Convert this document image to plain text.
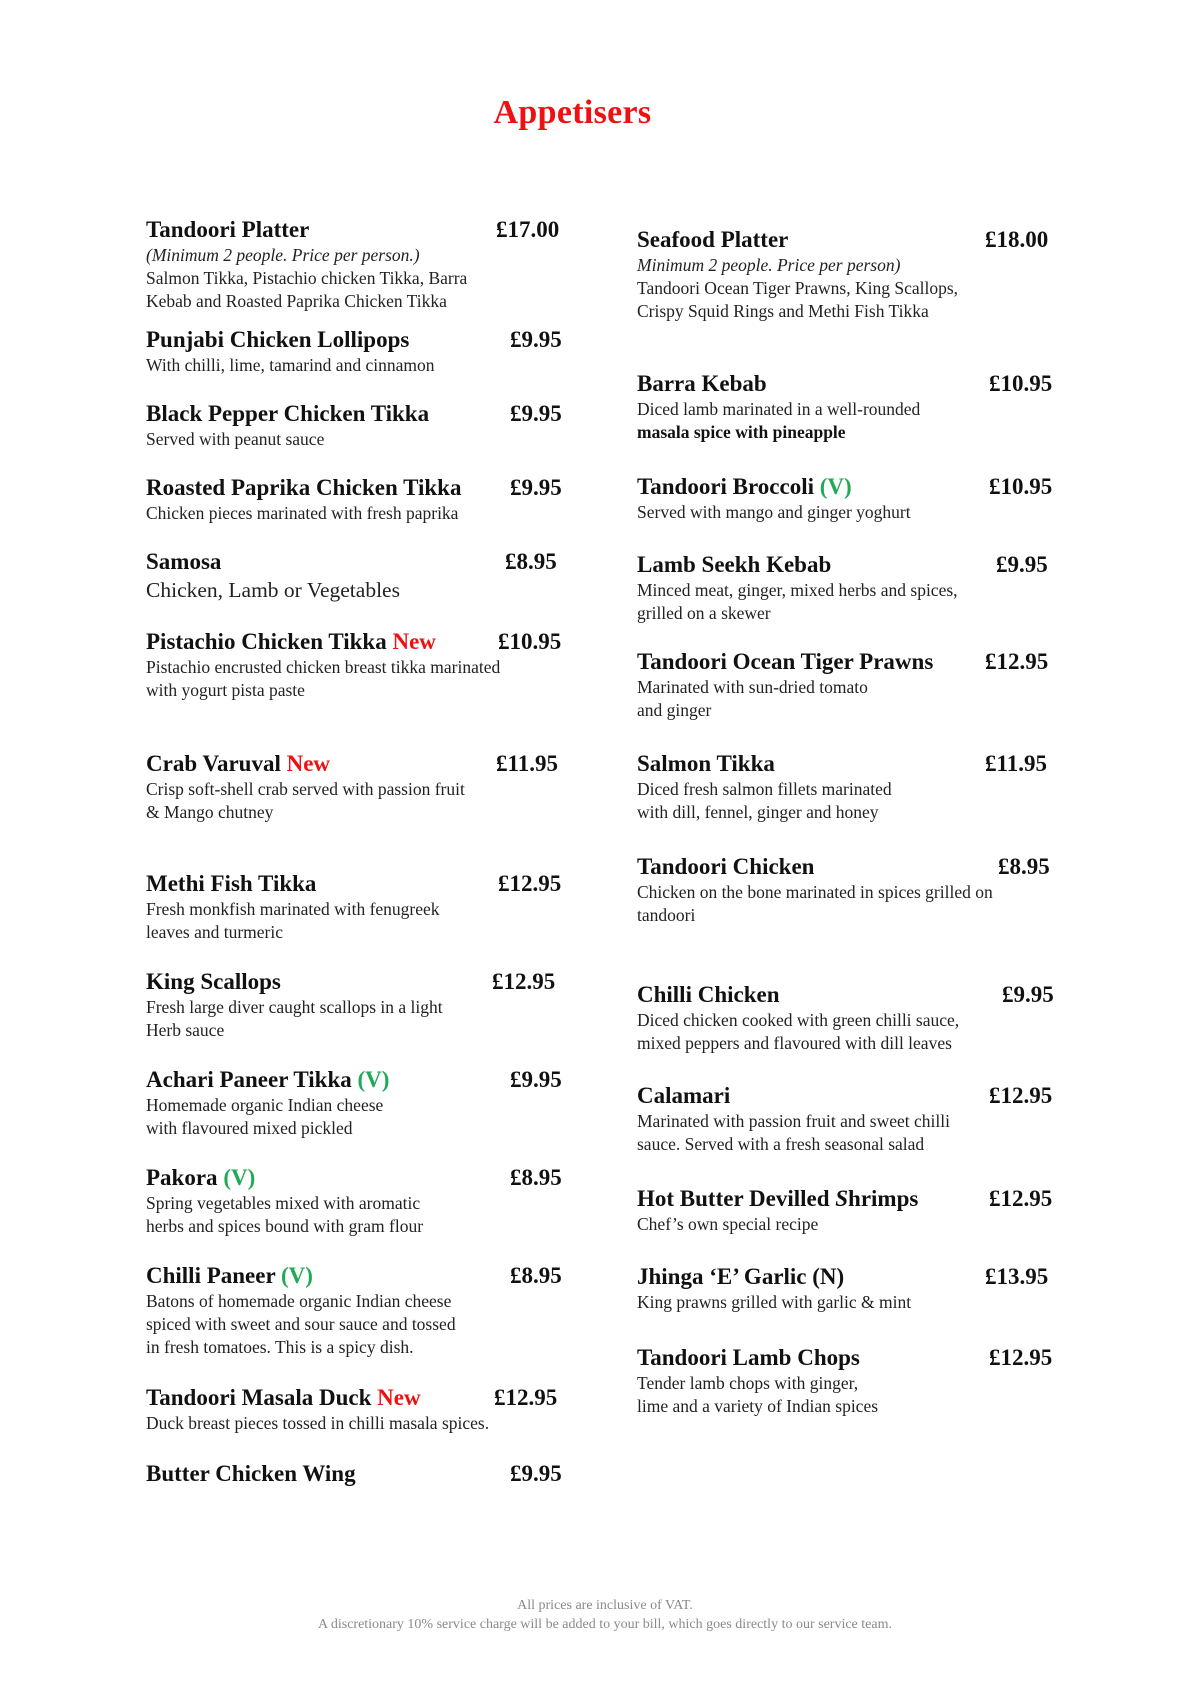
Appetisers
Tandoori Platter	£17.00
(Minimum 2 people. Price per person.)
Salmon Tikka, Pistachio chicken Tikka, Barra
Kebab and Roasted Paprika Chicken Tikka
Punjabi Chicken Lollipops	£9.95
With chilli, lime, tamarind and cinnamon
Black Pepper Chicken Tikka	£9.95
Served with peanut sauce
Roasted Paprika Chicken Tikka £9.95
Chicken pieces marinated with fresh paprika
Samosa	£8.95
Chicken, Lamb or Vegetables
Pistachio Chicken Tikka New	£10.95
Pistachio encrusted chicken breast tikka marinated
with yogurt pista paste
Crab Varuval New	£11.95
Crisp soft-shell crab served with passion fruit
& Mango chutney
Methi Fish Tikka	£12.95
Fresh monkfish marinated with fenugreek
leaves and turmeric
King Scallops	£12.95
Fresh large diver caught scallops in a light
Herb sauce
Achari Paneer Tikka (V)	£9.95
Homemade organic Indian cheese
with flavoured mixed pickled
Pakora (V)	£8.95
Spring vegetables mixed with aromatic
herbs and spices bound with gram flour
Chilli Paneer (V)	£8.95
Batons of homemade organic Indian cheese
spiced with sweet and sour sauce and tossed
in fresh tomatoes. This is a spicy dish.
Tandoori Masala Duck New	£12.95
Duck breast pieces tossed in chilli masala spices.
Butter Chicken Wing	£9.95
Seafood Platter	£18.00
Minimum 2 people. Price per person)
Tandoori Ocean Tiger Prawns, King Scallops,
Crispy Squid Rings and Methi Fish Tikka
Barra Kebab	£10.95
Diced lamb marinated in a well-rounded
masala spice with pineapple
Tandoori Broccoli (V)	£10.95
Served with mango and ginger yoghurt
Lamb Seekh Kebab	£9.95
Minced meat, ginger, mixed herbs and spices,
grilled on a skewer
Tandoori Ocean Tiger Prawns £12.95
Marinated with sun-dried tomato
and ginger
Salmon Tikka	£11.95
Diced fresh salmon fillets marinated
with dill, fennel, ginger and honey
Tandoori Chicken	£8.95
Chicken on the bone marinated in spices grilled on
tandoori
Chilli Chicken	£9.95
Diced chicken cooked with green chilli sauce,
mixed peppers and flavoured with dill leaves
Calamari	£12.95
Marinated with passion fruit and sweet chilli
sauce. Served with a fresh seasonal salad
Hot Butter Devilled Shrimps	£12.95
Chef’s own special recipe
Jhinga ‘E’ Garlic (N)	£13.95
King prawns grilled with garlic & mint
Tandoori Lamb Chops	£12.95
Tender lamb chops with ginger,
lime and a variety of Indian spices
All prices are inclusive of VAT.
A discretionary 10% service charge will be added to your bill, which goes directly to our service team.
